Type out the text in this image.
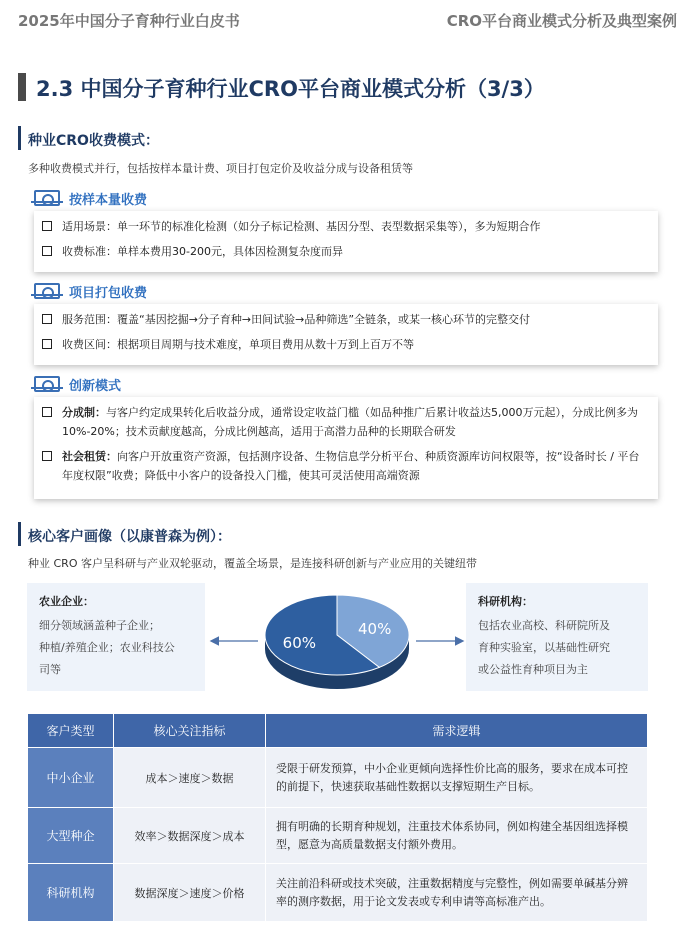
2025年中国分子育种行业白皮书	CRO平台商业模式分析及典型案例
2.3 中国分子育种行业CRO平台商业模式分析（3/3）
种业CRO收费模式：
多种收费模式并行，包括按样本量计费、项目打包定价及收益分成与设备租赁等
按样本量收费
适用场景：单一环节的标准化检测（如分子标记检测、基因分型、表型数据采集等），多为短期合作
收费标准：单样本费用30-200元，具体因检测复杂度而异
项目打包收费
服务范围：覆盖“基因挖掘→分子育种→田间试验→品种筛选”全链条，或某一核心环节的完整交付
收费区间：根据项目周期与技术难度，单项目费用从数十万到上百万不等
创新模式
分成制：与客户约定成果转化后收益分成，通常设定收益门槛（如品种推广后累计收益达5,000万元起），分成比例多为10%-20%；技术贡献度越高，分成比例越高，适用于高潜力品种的长期联合研发
社会租赁：向客户开放重资产资源，包括测序设备、生物信息学分析平台、种质资源库访问权限等，按“设备时长 / 平台年度权限”收费；降低中小客户的设备投入门槛，使其可灵活使用高端资源
核心客户画像（以康普森为例）：
种业 CRO 客户呈科研与产业双轮驱动，覆盖全场景，是连接科研创新与产业应用的关键纽带
农业企业：
细分领域涵盖种子企业；
种植/养殖企业；农业科技公
司等
科研机构：
包括农业高校、科研院所及
育种实验室，以基础性研究
或公益性育种项目为主
40%
60%
客户类型	核心关注指标	需求逻辑
中小企业	成本＞速度＞数据	受限于研发预算，中小企业更倾向选择性价比高的服务，要求在成本可控的前提下，快速获取基础性数据以支撑短期生产目标。
大型种企	效率＞数据深度＞成本	拥有明确的长期育种规划，注重技术体系协同，例如构建全基因组选择模型，愿意为高质量数据支付额外费用。
科研机构	数据深度＞速度＞价格	关注前沿科研或技术突破，注重数据精度与完整性，例如需要单碱基分辨率的测序数据，用于论文发表或专利申请等高标准产出。
